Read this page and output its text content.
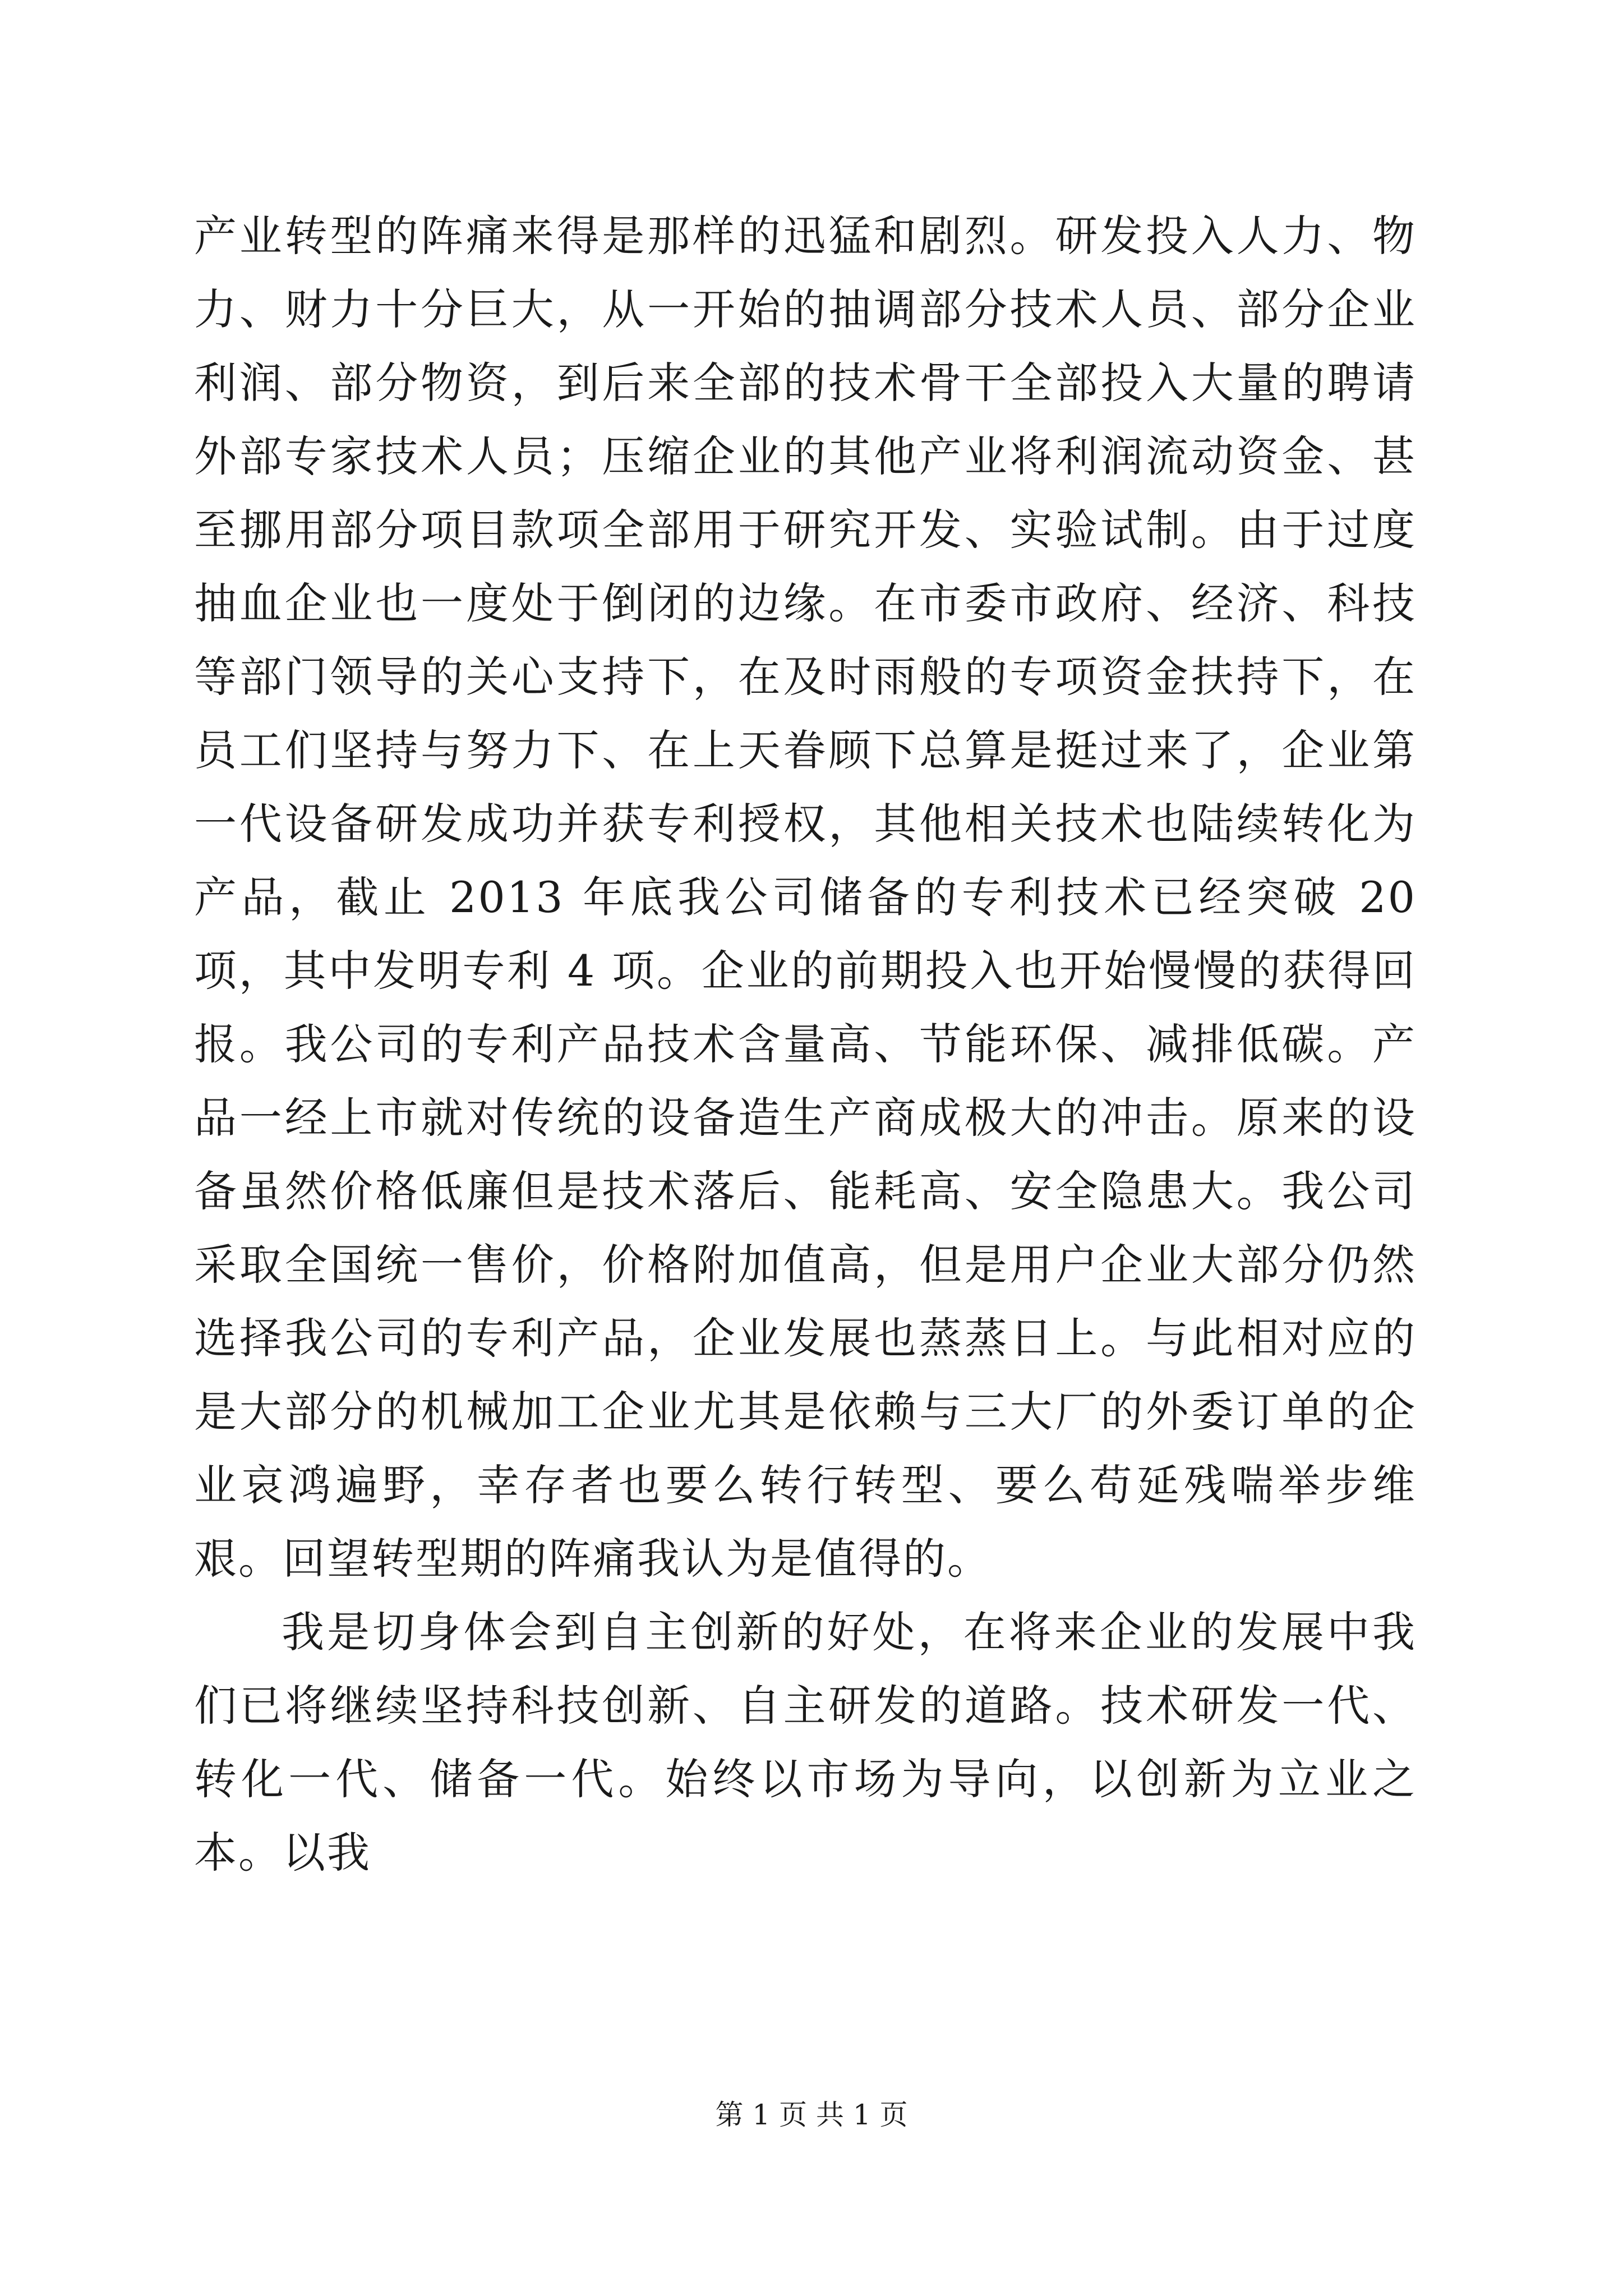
产业转型的阵痛来得是那样的迅猛和剧烈。研发投入人力、物力、财力十分巨大，从一开始的抽调部分技术人员、部分企业利润、部分物资，到后来全部的技术骨干全部投入大量的聘请外部专家技术人员；压缩企业的其他产业将利润流动资金、甚至挪用部分项目款项全部用于研究开发、实验试制。由于过度抽血企业也一度处于倒闭的边缘。在市委市政府、经济、科技等部门领导的关心支持下，在及时雨般的专项资金扶持下，在员工们坚持与努力下、在上天眷顾下总算是挺过来了，企业第一代设备研发成功并获专利授权，其他相关技术也陆续转化为产品，截止 2013 年底我公司储备的专利技术已经突破 20 项，其中发明专利 4 项。企业的前期投入也开始慢慢的获得回报。我公司的专利产品技术含量高、节能环保、减排低碳。产品一经上市就对传统的设备造生产商成极大的冲击。原来的设备虽然价格低廉但是技术落后、能耗高、安全隐患大。我公司采取全国统一售价，价格附加值高，但是用户企业大部分仍然选择我公司的专利产品，企业发展也蒸蒸日上。与此相对应的是大部分的机械加工企业尤其是依赖与三大厂的外委订单的企业哀鸿遍野，幸存者也要么转行转型、要么苟延残喘举步维艰。回望转型期的阵痛我认为是值得的。

我是切身体会到自主创新的好处，在将来企业的发展中我们已将继续坚持科技创新、自主研发的道路。技术研发一代、转化一代、储备一代。始终以市场为导向，以创新为立业之本。以我

第 1 页 共 1 页
